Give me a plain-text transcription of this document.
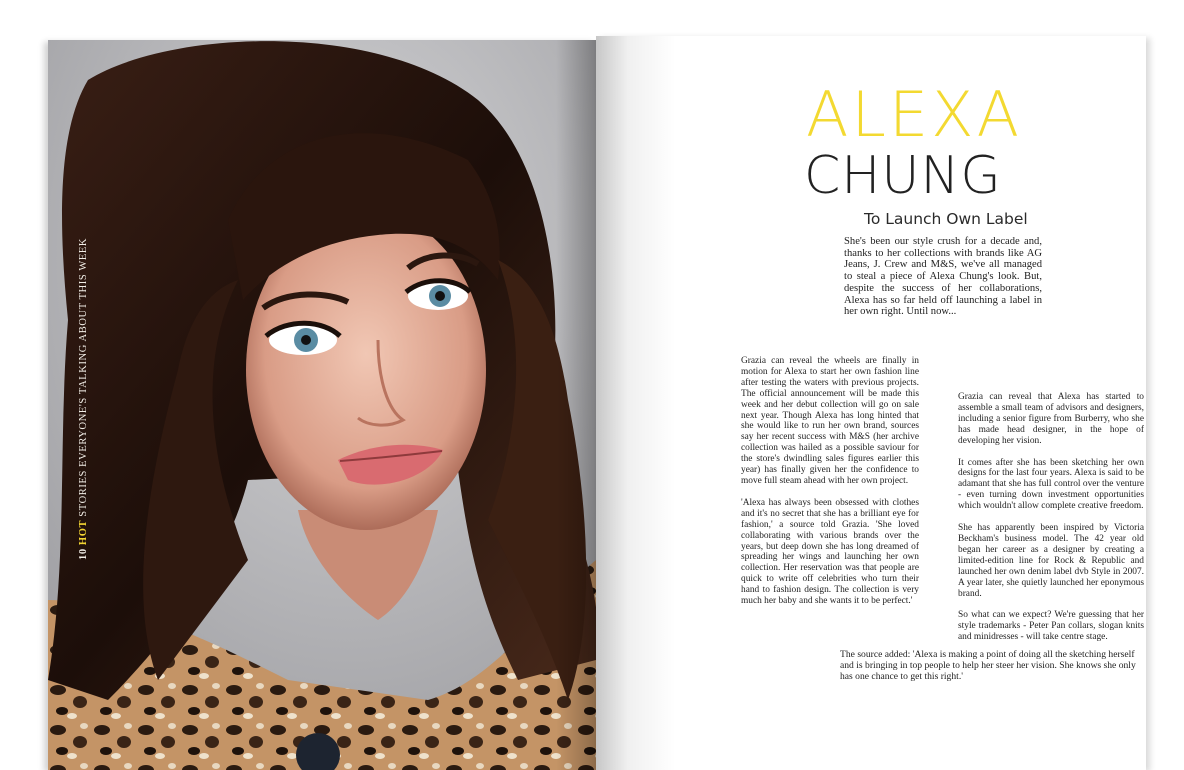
10 HOT STORIES EVERYONE'S TALKING ABOUT THIS WEEK
ALEXA
CHUNG
To Launch Own Label

She's been our style crush for a decade and, thanks to her collections with brands like AG Jeans, J. Crew and M&S, we've all managed to steal a piece of Alexa Chung's look. But, despite the success of her collaborations, Alexa has so far held off launching a label in her own right. Until now...

Grazia can reveal the wheels are finally in motion for Alexa to start her own fashion line after testing the waters with previous projects. The official announcement will be made this week and her debut collection will go on sale next year. Though Alexa has long hinted that she would like to run her own brand, sources say her recent success with M&S (her archive collection was hailed as a possible saviour for the store's dwindling sales figures earlier this year) has finally given her the confidence to move full steam ahead with her own project.

'Alexa has always been obsessed with clothes and it's no secret that she has a brilliant eye for fashion,' a source told Grazia. 'She loved collaborating with various brands over the years, but deep down she has long dreamed of spreading her wings and launching her own collection. Her reservation was that people are quick to write off celebrities who turn their hand to fashion design. The collection is very much her baby and she wants it to be perfect.'

Grazia can reveal that Alexa has started to assemble a small team of advisors and designers, including a senior figure from Burberry, who she has made head designer, in the hope of developing her vision.

It comes after she has been sketching her own designs for the last four years. Alexa is said to be adamant that she has full control over the venture - even turning down investment opportunities which wouldn't allow complete creative freedom.

She has apparently been inspired by Victoria Beckham's business model. The 42 year old began her career as a designer by creating a limited-edition line for Rock & Republic and launched her own denim label dvb Style in 2007. A year later, she quietly launched her eponymous brand.

So what can we expect? We're guessing that her style trademarks - Peter Pan collars, slogan knits and minidresses - will take centre stage.

The source added: 'Alexa is making a point of doing all the sketching herself and is bringing in top people to help her steer her vision. She knows she only has one chance to get this right.'
